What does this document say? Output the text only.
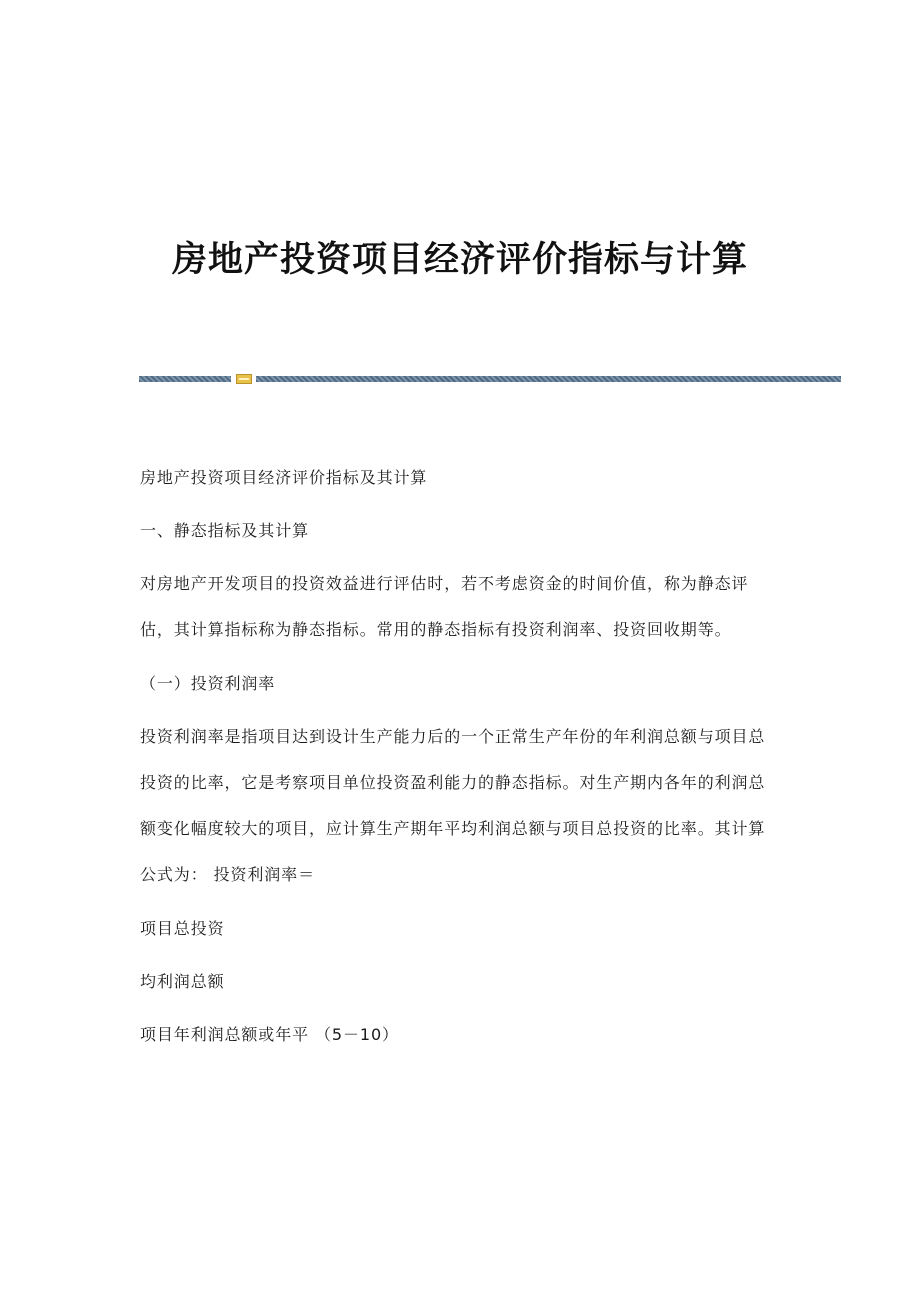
房地产投资项目经济评价指标与计算

房地产投资项目经济评价指标及其计算

一、静态指标及其计算

对房地产开发项目的投资效益进行评估时，若不考虑资金的时间价值，称为静态评估，其计算指标称为静态指标。常用的静态指标有投资利润率、投资回收期等。

（一）投资利润率

投资利润率是指项目达到设计生产能力后的一个正常生产年份的年利润总额与项目总投资的比率，它是考察项目单位投资盈利能力的静态指标。对生产期内各年的利润总额变化幅度较大的项目，应计算生产期年平均利润总额与项目总投资的比率。其计算公式为： 投资利润率＝

项目总投资

均利润总额

项目年利润总额或年平 （5－10）
